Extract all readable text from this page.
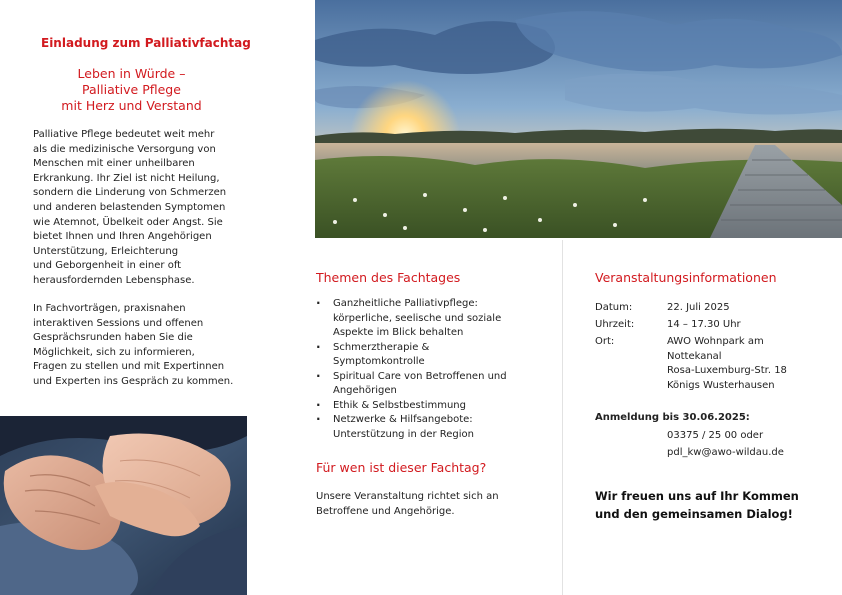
Einladung zum Palliativfachtag
Leben in Würde –
Palliative Pflege
mit Herz und Verstand
Palliative Pflege bedeutet weit mehr
als die medizinische Versorgung von
Menschen mit einer unheilbaren
Erkrankung. Ihr Ziel ist nicht Heilung,
sondern die Linderung von Schmerzen
und anderen belastenden Symptomen
wie Atemnot, Übelkeit oder Angst. Sie
bietet Ihnen und Ihren Angehörigen
Unterstützung, Erleichterung
und Geborgenheit in einer oft
herausfordernden Lebensphase.
In Fachvorträgen, praxisnahen
interaktiven Sessions und offenen
Gesprächsrunden haben Sie die
Möglichkeit, sich zu informieren,
Fragen zu stellen und mit Expertinnen
und Experten ins Gespräch zu kommen.
Themen des Fachtages
· Ganzheitliche Palliativpflege:
körperliche, seelische und soziale
Aspekte im Blick behalten
· Schmerztherapie &
Symptomkontrolle
· Spiritual Care von Betroffenen und
Angehörigen
· Ethik & Selbstbestimmung
· Netzwerke & Hilfsangebote:
Unterstützung in der Region
Für wen ist dieser Fachtag?
Unsere Veranstaltung richtet sich an
Betroffene und Angehörige.
Veranstaltungsinformationen
Datum:	22. Juli 2025
Uhrzeit:	14 – 17.30 Uhr
Ort:	AWO Wohnpark am
Nottekanal
Rosa-Luxemburg-Str. 18
Königs Wusterhausen
Anmeldung bis 30.06.2025:
03375 / 25 00 oder
pdl_kw@awo-wildau.de
Wir freuen uns auf Ihr Kommen
und den gemeinsamen Dialog!
